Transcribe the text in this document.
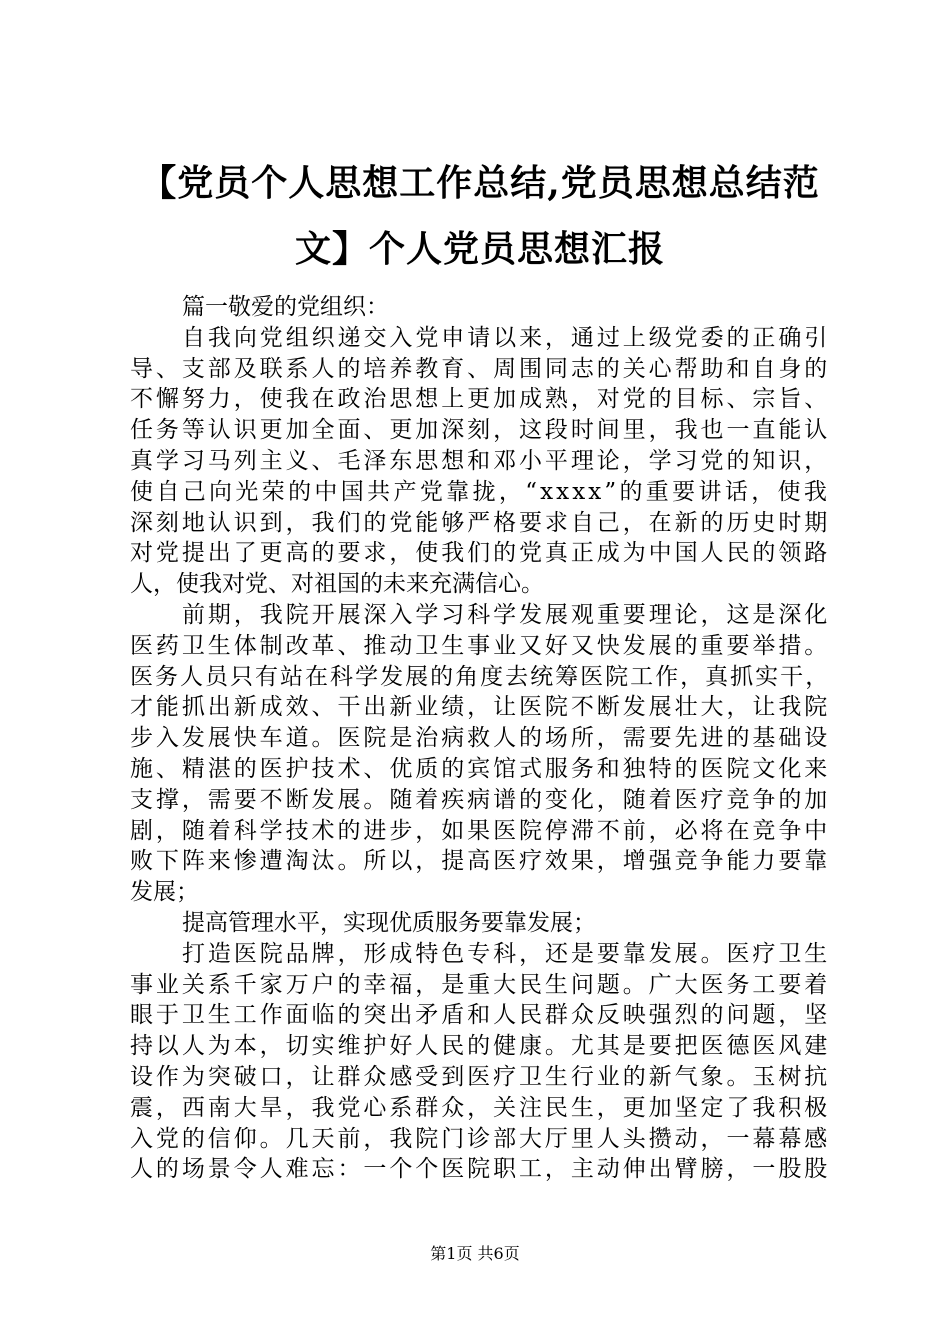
【党员个人思想工作总结,党员思想总结范
文】个人党员思想汇报
篇一敬爱的党组织：
自我向党组织递交入党申请以来，通过上级党委的正确引
导、支部及联系人的培养教育、周围同志的关心帮助和自身的
不懈努力，使我在政治思想上更加成熟，对党的目标、宗旨、
任务等认识更加全面、更加深刻，这段时间里，我也一直能认
真学习马列主义、毛泽东思想和邓小平理论，学习党的知识，
使自己向光荣的中国共产党靠拢，“xxxx”的重要讲话，使我
深刻地认识到，我们的党能够严格要求自己，在新的历史时期
对党提出了更高的要求，使我们的党真正成为中国人民的领路
人，使我对党、对祖国的未来充满信心。
前期，我院开展深入学习科学发展观重要理论，这是深化
医药卫生体制改革、推动卫生事业又好又快发展的重要举措。
医务人员只有站在科学发展的角度去统筹医院工作，真抓实干，
才能抓出新成效、干出新业绩，让医院不断发展壮大，让我院
步入发展快车道。医院是治病救人的场所，需要先进的基础设
施、精湛的医护技术、优质的宾馆式服务和独特的医院文化来
支撑，需要不断发展。随着疾病谱的变化，随着医疗竞争的加
剧，随着科学技术的进步，如果医院停滞不前，必将在竞争中
败下阵来惨遭淘汰。所以，提高医疗效果，增强竞争能力要靠
发展；
提高管理水平，实现优质服务要靠发展；
打造医院品牌，形成特色专科，还是要靠发展。医疗卫生
事业关系千家万户的幸福，是重大民生问题。广大医务工要着
眼于卫生工作面临的突出矛盾和人民群众反映强烈的问题，坚
持以人为本，切实维护好人民的健康。尤其是要把医德医风建
设作为突破口，让群众感受到医疗卫生行业的新气象。玉树抗
震，西南大旱，我党心系群众，关注民生，更加坚定了我积极
入党的信仰。几天前，我院门诊部大厅里人头攒动，一幕幕感
人的场景令人难忘：一个个医院职工，主动伸出臂膀，一股股
第1页 共6页
